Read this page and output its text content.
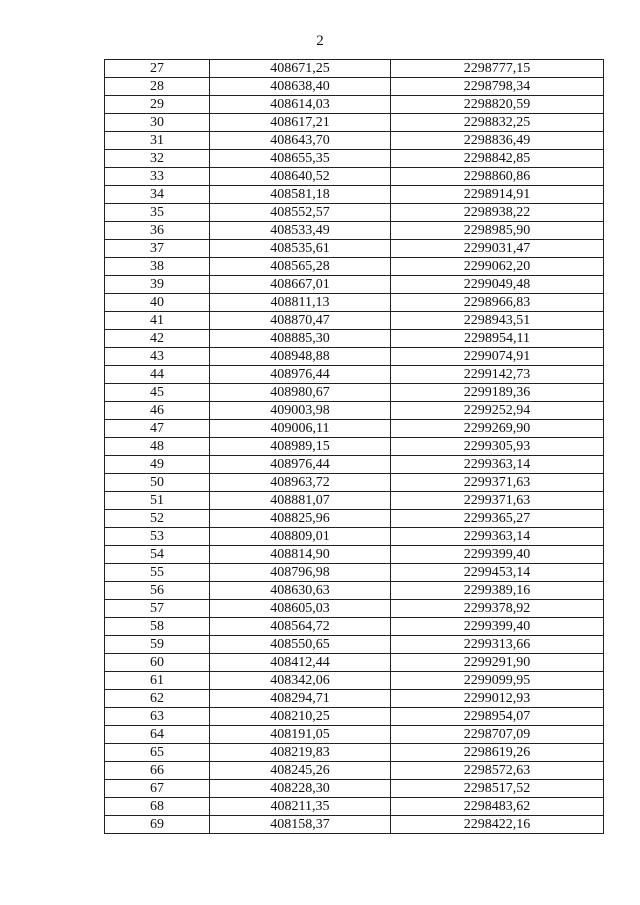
2
27	408671,25	2298777,15
28	408638,40	2298798,34
29	408614,03	2298820,59
30	408617,21	2298832,25
31	408643,70	2298836,49
32	408655,35	2298842,85
33	408640,52	2298860,86
34	408581,18	2298914,91
35	408552,57	2298938,22
36	408533,49	2298985,90
37	408535,61	2299031,47
38	408565,28	2299062,20
39	408667,01	2299049,48
40	408811,13	2298966,83
41	408870,47	2298943,51
42	408885,30	2298954,11
43	408948,88	2299074,91
44	408976,44	2299142,73
45	408980,67	2299189,36
46	409003,98	2299252,94
47	409006,11	2299269,90
48	408989,15	2299305,93
49	408976,44	2299363,14
50	408963,72	2299371,63
51	408881,07	2299371,63
52	408825,96	2299365,27
53	408809,01	2299363,14
54	408814,90	2299399,40
55	408796,98	2299453,14
56	408630,63	2299389,16
57	408605,03	2299378,92
58	408564,72	2299399,40
59	408550,65	2299313,66
60	408412,44	2299291,90
61	408342,06	2299099,95
62	408294,71	2299012,93
63	408210,25	2298954,07
64	408191,05	2298707,09
65	408219,83	2298619,26
66	408245,26	2298572,63
67	408228,30	2298517,52
68	408211,35	2298483,62
69	408158,37	2298422,16
